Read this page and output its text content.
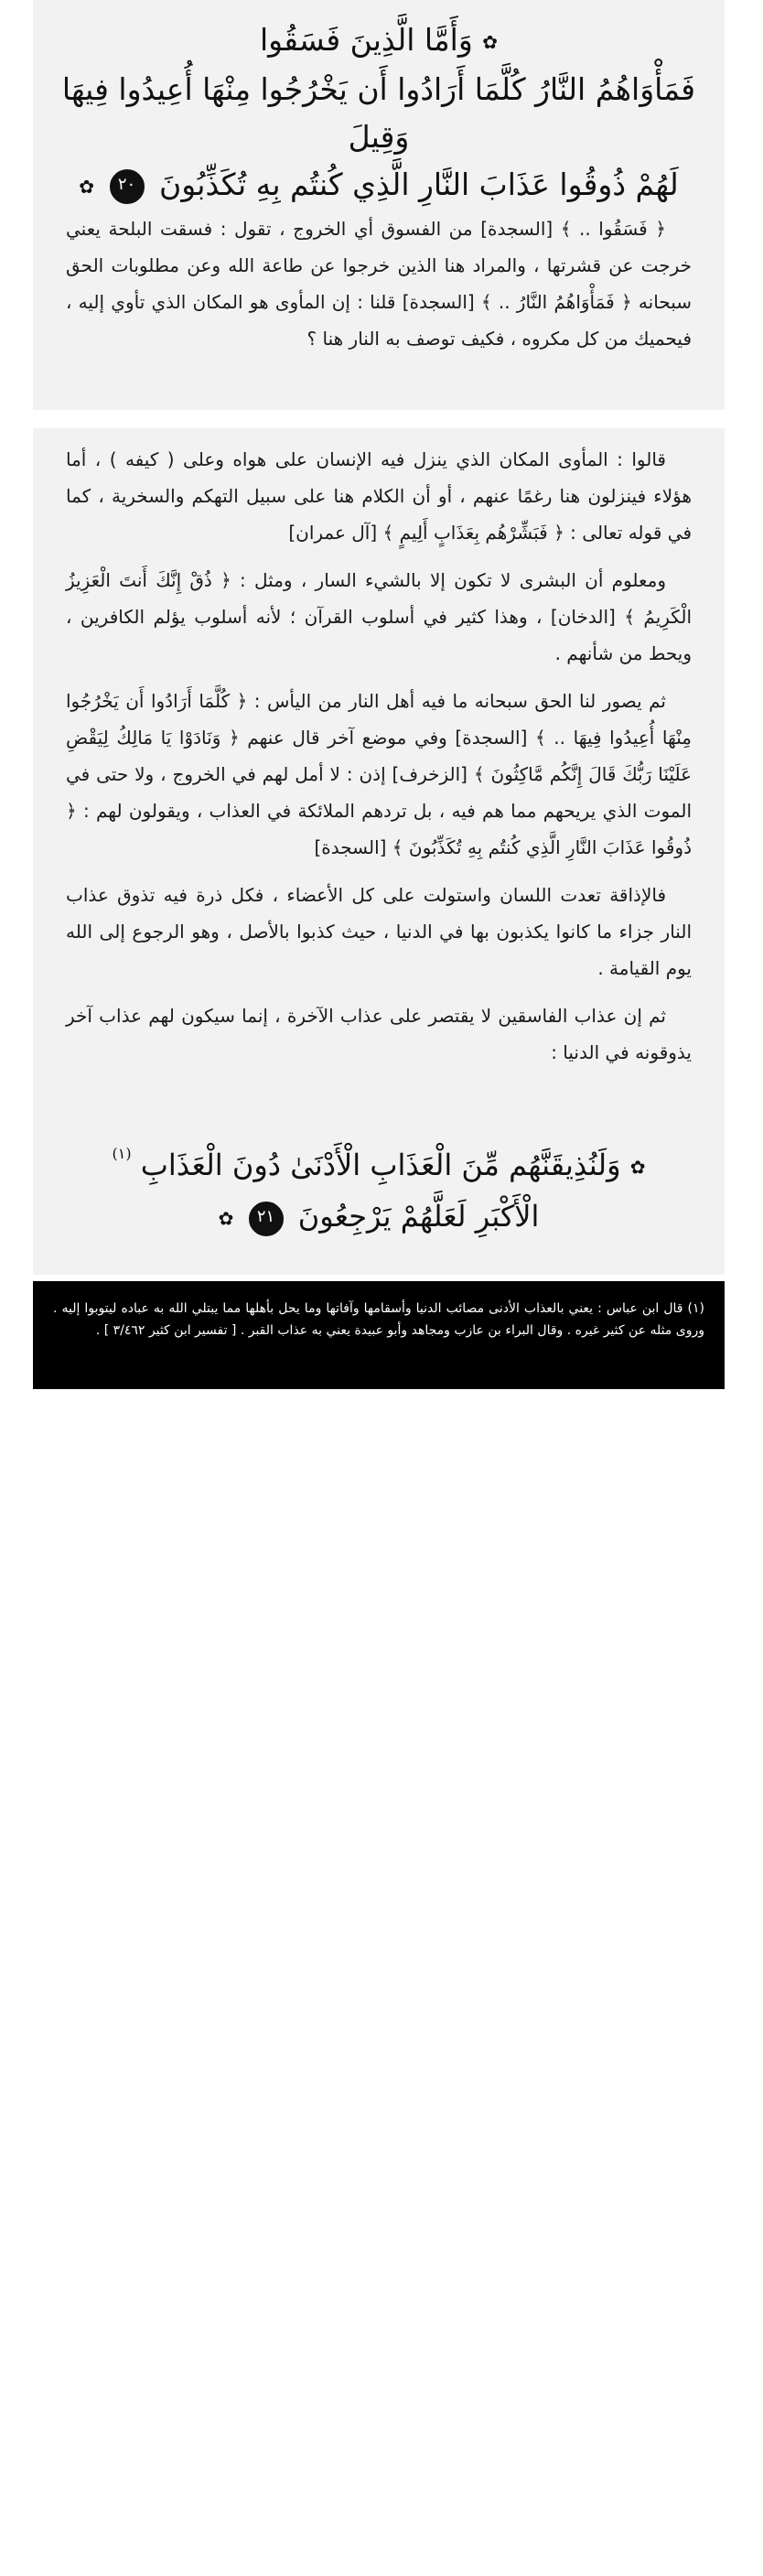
✿ وَأَمَّا الَّذِينَ فَسَقُوا
فَمَأْوَاهُمُ النَّارُ كُلَّمَا أَرَادُوا أَن يَخْرُجُوا مِنْهَا أُعِيدُوا فِيهَا وَقِيلَ
لَهُمْ ذُوقُوا عَذَابَ النَّارِ الَّذِي كُنتُم بِهِ تُكَذِّبُونَ ٢٠ ✿

﴿ فَسَقُوا .. ﴾ [السجدة] من الفسوق أي الخروج ، تقول : فسقت البلحة يعني خرجت عن قشرتها ، والمراد هنا الذين خرجوا عن طاعة الله وعن مطلوبات الحق سبحانه ﴿ فَمَأْوَاهُمُ النَّارُ .. ﴾ [السجدة] قلنا : إن المأوى هو المكان الذي تأوي إليه ، فيحميك من كل مكروه ، فكيف توصف به النار هنا ؟

قالوا : المأوى المكان الذي ينزل فيه الإنسان على هواه وعلى ( كيفه ) ، أما هؤلاء فينزلون هنا رغمًا عنهم ، أو أن الكلام هنا على سبيل التهكم والسخرية ، كما في قوله تعالى : ﴿ فَبَشِّرْهُم بِعَذَابٍ أَلِيمٍ ﴾ [آل عمران]

ومعلوم أن البشرى لا تكون إلا بالشيء السار ، ومثل : ﴿ ذُقْ إِنَّكَ أَنتَ الْعَزِيزُ الْكَرِيمُ ﴾ [الدخان] ، وهذا كثير في أسلوب القرآن ؛ لأنه أسلوب يؤلم الكافرين ، ويحط من شأنهم .

ثم يصور لنا الحق سبحانه ما فيه أهل النار من اليأس : ﴿ كُلَّمَا أَرَادُوا أَن يَخْرُجُوا مِنْهَا أُعِيدُوا فِيهَا .. ﴾ [السجدة] وفي موضع آخر قال عنهم ﴿ وَنَادَوْا يَا مَالِكُ لِيَقْضِ عَلَيْنَا رَبُّكَ قَالَ إِنَّكُم مَّاكِثُونَ ﴾ [الزخرف] إذن : لا أمل لهم في الخروج ، ولا حتى في الموت الذي يريحهم مما هم فيه ، بل تردهم الملائكة في العذاب ، ويقولون لهم : ﴿ ذُوقُوا عَذَابَ النَّارِ الَّذِي كُنتُم بِهِ تُكَذِّبُونَ ﴾ [السجدة]

فالإذاقة تعدت اللسان واستولت على كل الأعضاء ، فكل ذرة فيه تذوق عذاب النار جزاء ما كانوا يكذبون بها في الدنيا ، حيث كذبوا بالأصل ، وهو الرجوع إلى الله يوم القيامة .

ثم إن عذاب الفاسقين لا يقتصر على عذاب الآخرة ، إنما سيكون لهم عذاب آخر يذوقونه في الدنيا :

✿ وَلَنُذِيقَنَّهُم مِّنَ الْعَذَابِ الْأَدْنَىٰ دُونَ الْعَذَابِ $^{(١)}$
الْأَكْبَرِ لَعَلَّهُمْ يَرْجِعُونَ ٢١ ✿
(١) قال ابن عباس : يعني بالعذاب الأدنى مصائب الدنيا وأسقامها وآفاتها وما يحل بأهلها مما يبتلي الله به عباده ليتوبوا إليه . وروى مثله عن كثير غيره . وقال البراء بن عازب ومجاهد وأبو عبيدة يعني به عذاب القبر . [ تفسير ابن كثير ٣/٤٦٢ ] .
